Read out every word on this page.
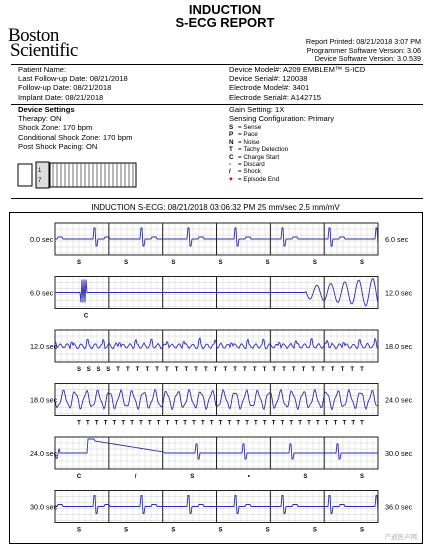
Boston
Scientific
INDUCTION
S-ECG REPORT
Report Printed: 08/21/2018 3:07 PM
Programmer Software Version: 3.06
Device Software Version: 3.0.539
Patient Name:
Last Follow-up Date: 08/21/2018
Follow-up Date: 08/21/2018
Implant Date: 08/21/2018
Device Model#: A209 EMBLEM™ S-ICD
Device Serial#: 120038
Electrode Model#: 3401
Electrode Serial#: A142715
Device Settings
Therapy: ON
Shock Zone: 170 bpm
Conditional Shock Zone: 170 bpm
Post Shock Pacing: ON
1
7
Gain Setting: 1X
Sensing Configuration: Primary
S = Sense
P = Pace
N = Noise
T = Tachy Detection
C = Charge Start
- = Discard
/ = Shock
♥ = Episode End
INDUCTION S-ECG: 08/21/2018 03:06:32 PM 25 mm/sec 2.5 mm/mV
0.0 sec	6.0 sec
S	S	S	S	S	S	S
6.0 sec	12.0 sec
C
12.0 sec	18.0 sec
S S S S T T T T T T T T T T T T T T T T T T T T T T T T T T
18.0 sec	24.0 sec
T T T T T T T T T T T T T T T T T T T T T T T T T T T T T T T T T
24.0 sec	30.0 sec
C	/	S	•	S	S
30.0 sec	36.0 sec
S	S	S	S	S	S	S
产道医声网
